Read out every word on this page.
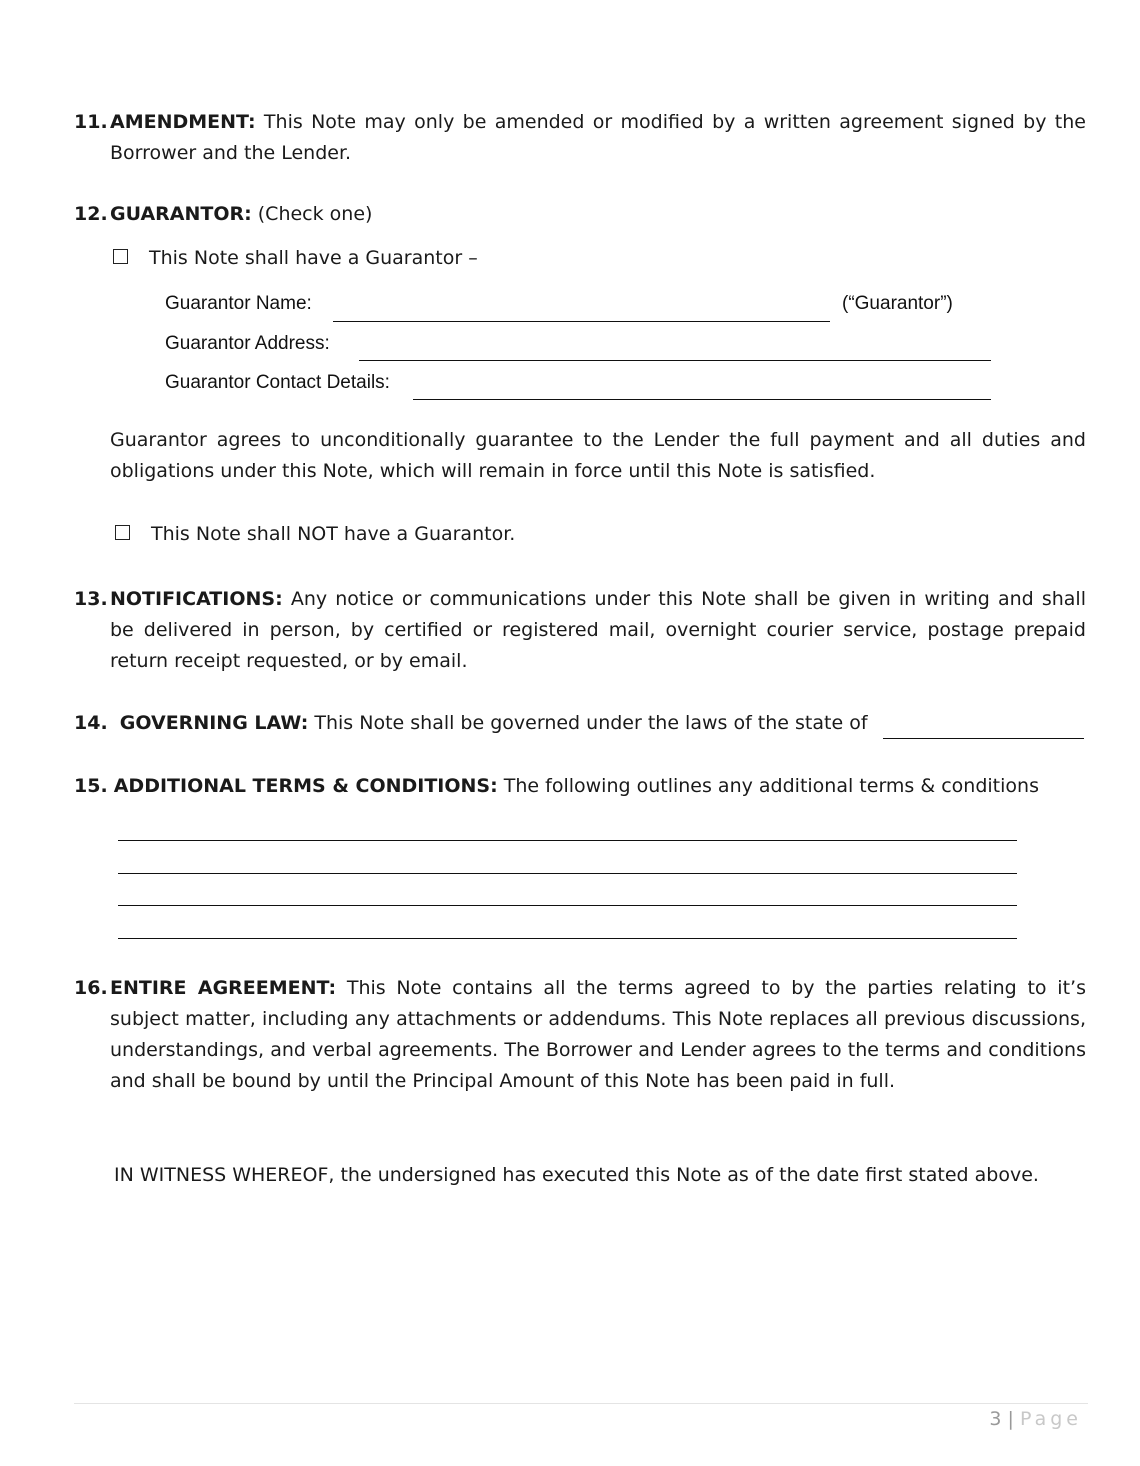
11. AMENDMENT: This Note may only be amended or modified by a written agreement signed by the Borrower and the Lender.
12. GUARANTOR: (Check one)
This Note shall have a Guarantor –
Guarantor Name:	(“Guarantor”)
Guarantor Address:
Guarantor Contact Details:
Guarantor agrees to unconditionally guarantee to the Lender the full payment and all duties and obligations under this Note, which will remain in force until this Note is satisfied.
This Note shall NOT have a Guarantor.
13. NOTIFICATIONS: Any notice or communications under this Note shall be given in writing and shall be delivered in person, by certified or registered mail, overnight courier service, postage prepaid return receipt requested, or by email.
14. GOVERNING LAW: This Note shall be governed under the laws of the state of
15. ADDITIONAL TERMS & CONDITIONS: The following outlines any additional terms & conditions
16. ENTIRE AGREEMENT: This Note contains all the terms agreed to by the parties relating to it’s subject matter, including any attachments or addendums. This Note replaces all previous discussions, understandings, and verbal agreements. The Borrower and Lender agrees to the terms and conditions and shall be bound by until the Principal Amount of this Note has been paid in full.
IN WITNESS WHEREOF, the undersigned has executed this Note as of the date first stated above.
3 | Page
